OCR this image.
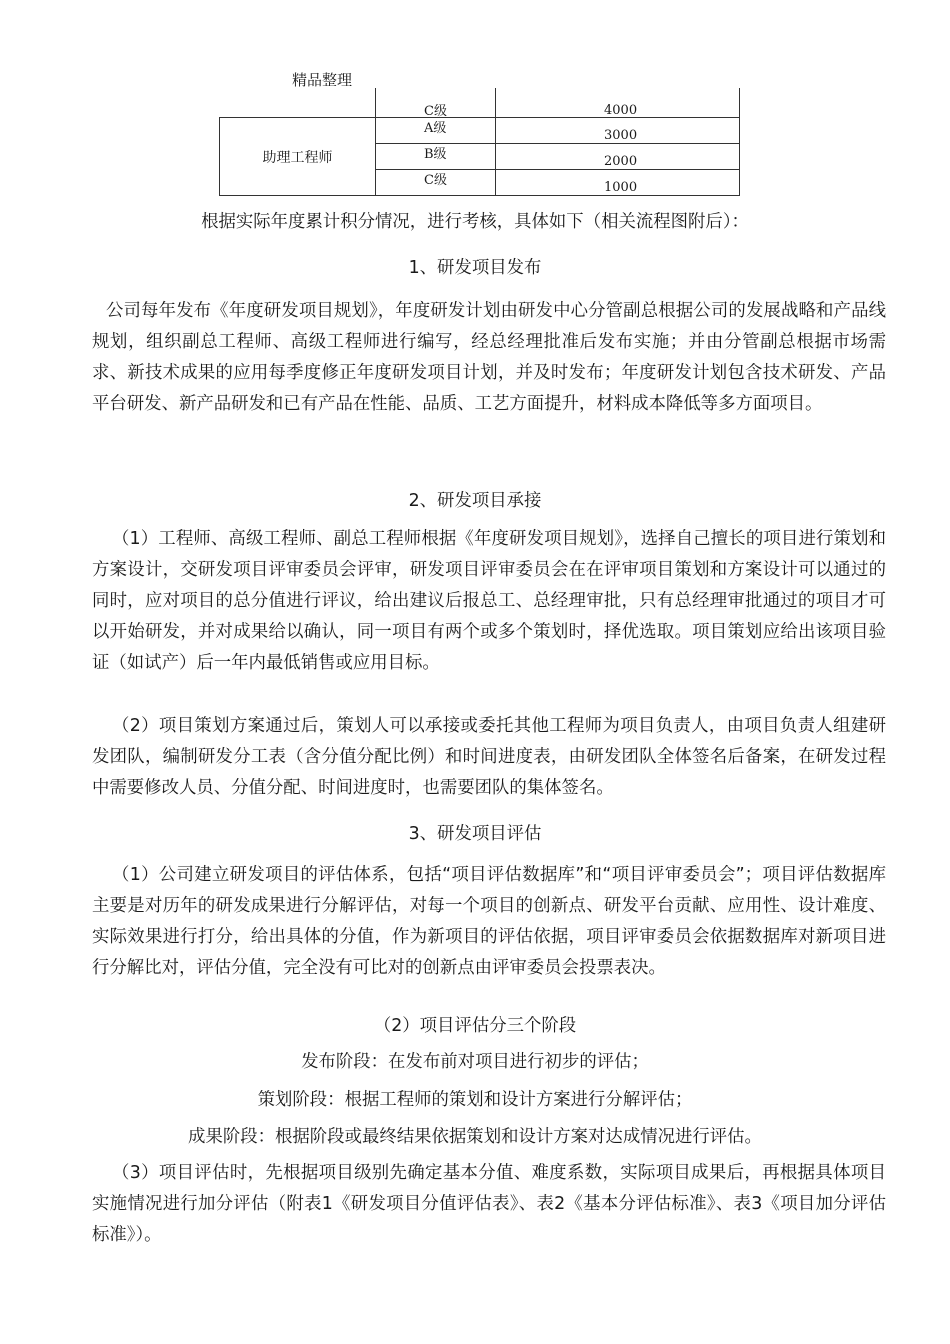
精品整理
	C级	4000
助理工程师	A级	3000
	B级	2000
	C级	1000
根据实际年度累计积分情况，进行考核，具体如下（相关流程图附后）：
1、研发项目发布
公司每年发布《年度研发项目规划》，年度研发计划由研发中心分管副总根据公司的发展战略和产品线规划，组织副总工程师、高级工程师进行编写，经总经理批准后发布实施；并由分管副总根据市场需求、新技术成果的应用每季度修正年度研发项目计划，并及时发布；年度研发计划包含技术研发、产品平台研发、新产品研发和已有产品在性能、品质、工艺方面提升，材料成本降低等多方面项目。
2、研发项目承接
（1）工程师、高级工程师、副总工程师根据《年度研发项目规划》，选择自己擅长的项目进行策划和方案设计，交研发项目评审委员会评审，研发项目评审委员会在在评审项目策划和方案设计可以通过的同时，应对项目的总分值进行评议，给出建议后报总工、总经理审批，只有总经理审批通过的项目才可以开始研发，并对成果给以确认，同一项目有两个或多个策划时，择优选取。项目策划应给出该项目验证（如试产）后一年内最低销售或应用目标。
（2）项目策划方案通过后，策划人可以承接或委托其他工程师为项目负责人，由项目负责人组建研发团队，编制研发分工表（含分值分配比例）和时间进度表，由研发团队全体签名后备案，在研发过程中需要修改人员、分值分配、时间进度时，也需要团队的集体签名。
3、研发项目评估
（1）公司建立研发项目的评估体系，包括“项目评估数据库”和“项目评审委员会”；项目评估数据库主要是对历年的研发成果进行分解评估，对每一个项目的创新点、研发平台贡献、应用性、设计难度、实际效果进行打分，给出具体的分值，作为新项目的评估依据，项目评审委员会依据数据库对新项目进行分解比对，评估分值，完全没有可比对的创新点由评审委员会投票表决。
（2）项目评估分三个阶段
发布阶段：在发布前对项目进行初步的评估；
策划阶段：根据工程师的策划和设计方案进行分解评估；
成果阶段：根据阶段或最终结果依据策划和设计方案对达成情况进行评估。
（3）项目评估时，先根据项目级别先确定基本分值、难度系数，实际项目成果后，再根据具体项目实施情况进行加分评估（附表1《研发项目分值评估表》、表2《基本分评估标准》、表3《项目加分评估标准》）。
